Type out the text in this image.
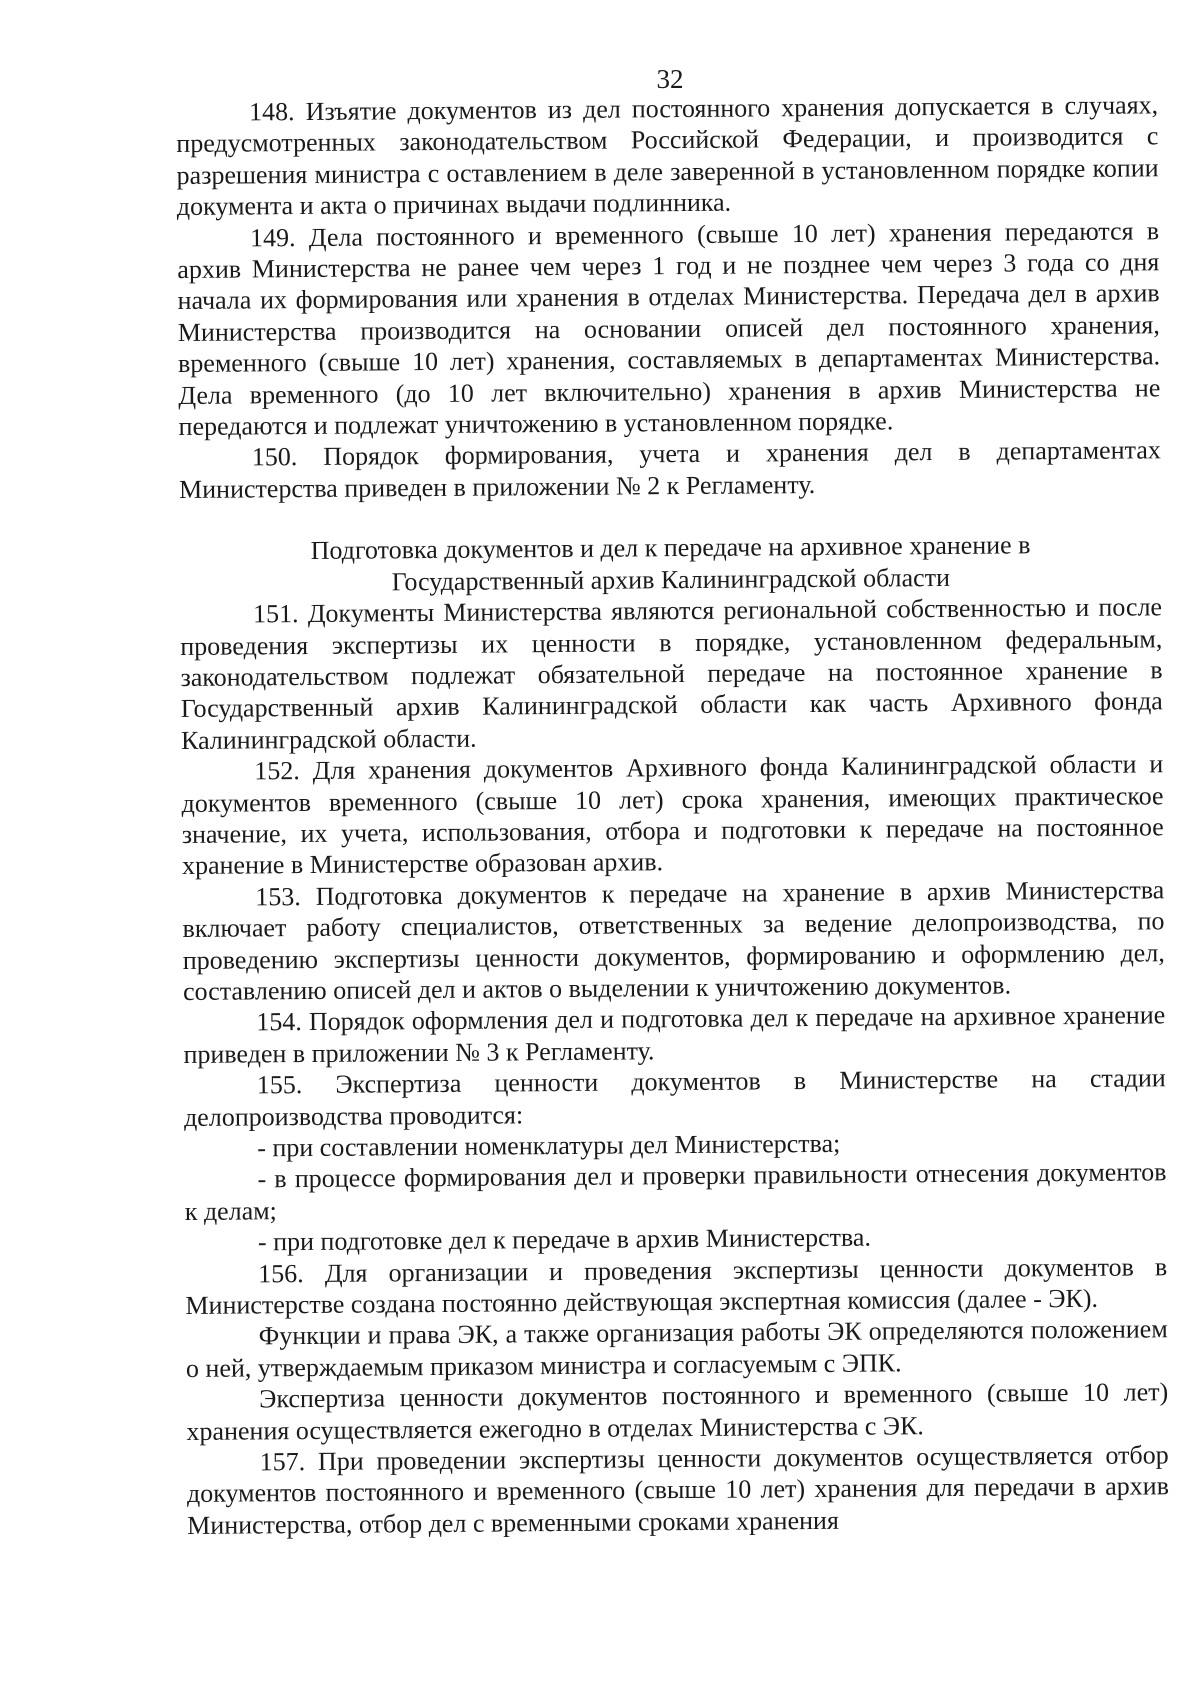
32

148. Изъятие документов из дел постоянного хранения допускается в случаях, предусмотренных законодательством Российской Федерации, и производится с разрешения министра с оставлением в деле заверенной в установленном порядке копии документа и акта о причинах выдачи подлинника.

149. Дела постоянного и временного (свыше 10 лет) хранения передаются в архив Министерства не ранее чем через 1 год и не позднее чем через 3 года со дня начала их формирования или хранения в отделах Министерства. Передача дел в архив Министерства производится на основании описей дел постоянного хранения, временного (свыше 10 лет) хранения, составляемых в департаментах Министерства. Дела временного (до 10 лет включительно) хранения в архив Министерства не передаются и подлежат уничтожению в установленном порядке.

150. Порядок формирования, учета и хранения дел в департаментах Министерства приведен в приложении № 2 к Регламенту.

Подготовка документов и дел к передаче на архивное хранение в Государственный архив Калининградской области

151. Документы Министерства являются региональной собственностью и после проведения экспертизы их ценности в порядке, установленном федеральным, законодательством подлежат обязательной передаче на постоянное хранение в Государственный архив Калининградской области как часть Архивного фонда Калининградской области.

152. Для хранения документов Архивного фонда Калининградской области и документов временного (свыше 10 лет) срока хранения, имеющих практическое значение, их учета, использования, отбора и подготовки к передаче на постоянное хранение в Министерстве образован архив.

153. Подготовка документов к передаче на хранение в архив Министерства включает работу специалистов, ответственных за ведение делопроизводства, по проведению экспертизы ценности документов, формированию и оформлению дел, составлению описей дел и актов о выделении к уничтожению документов.

154. Порядок оформления дел и подготовка дел к передаче на архивное хранение приведен в приложении № 3 к Регламенту.

155. Экспертиза ценности документов в Министерстве на стадии делопроизводства проводится:

- при составлении номенклатуры дел Министерства;

- в процессе формирования дел и проверки правильности отнесения документов к делам;

- при подготовке дел к передаче в архив Министерства.

156. Для организации и проведения экспертизы ценности документов в Министерстве создана постоянно действующая экспертная комиссия (далее - ЭК).

Функции и права ЭК, а также организация работы ЭК определяются положением о ней, утверждаемым приказом министра и согласуемым с ЭПК.

Экспертиза ценности документов постоянного и временного (свыше 10 лет) хранения осуществляется ежегодно в отделах Министерства с ЭК.

157. При проведении экспертизы ценности документов осуществляется отбор документов постоянного и временного (свыше 10 лет) хранения для передачи в архив Министерства, отбор дел с временными сроками хранения
